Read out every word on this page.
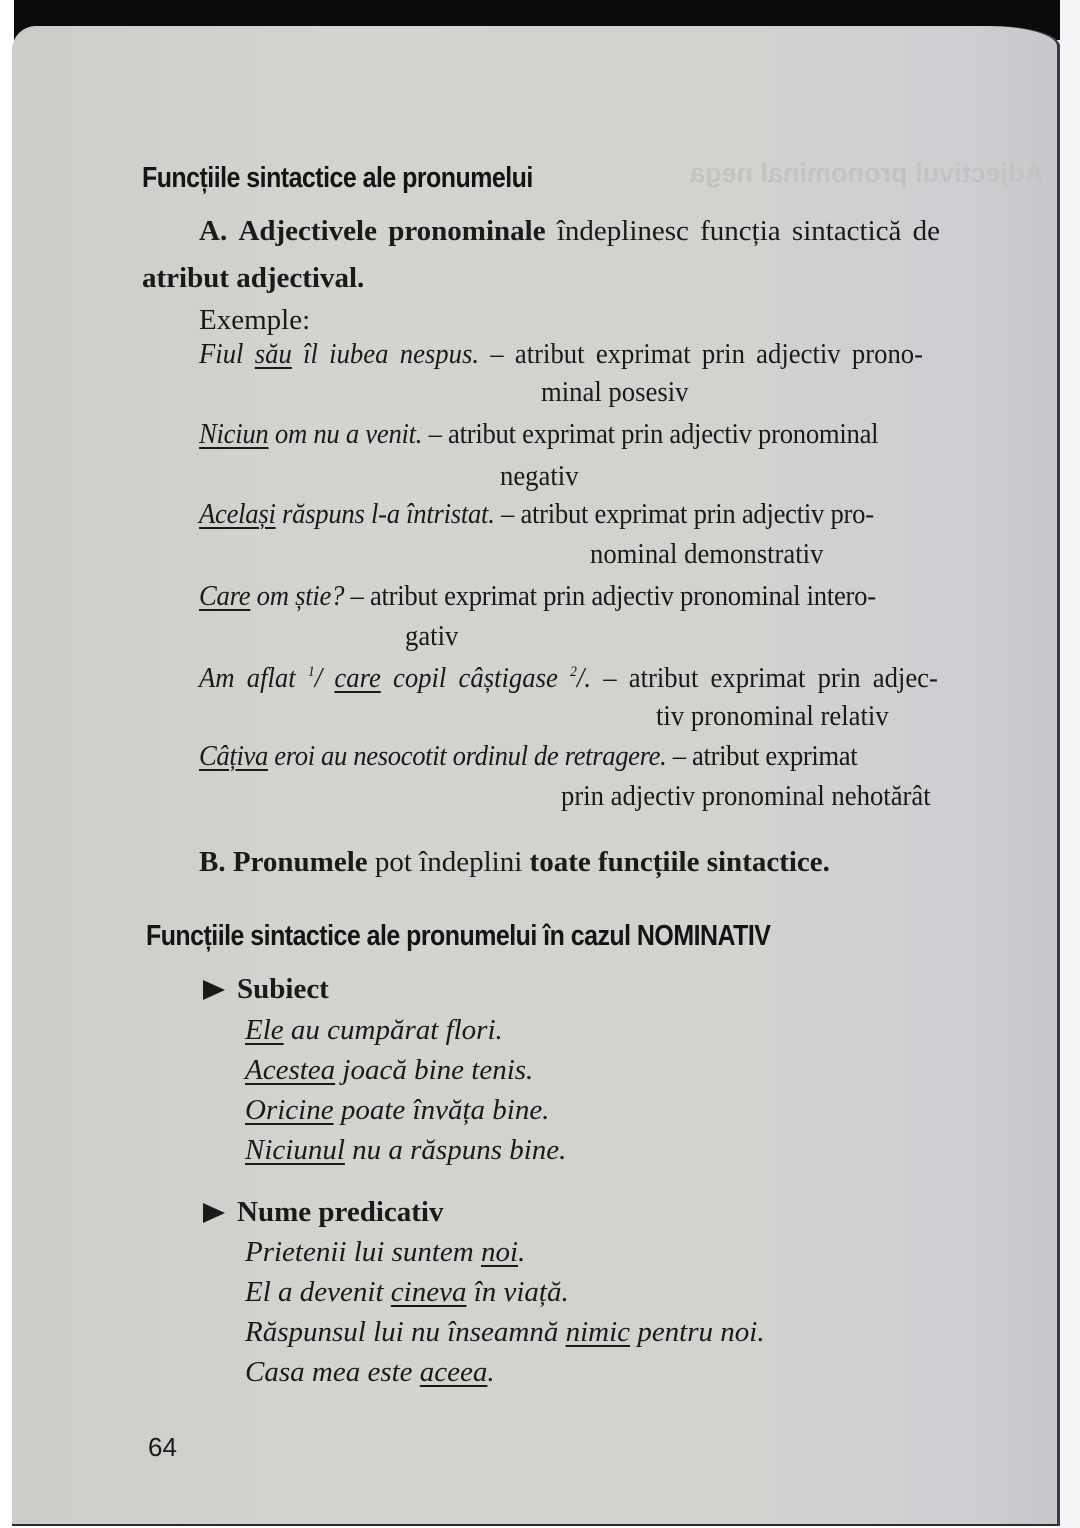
Adjectivul pronominal nega
Funcțiile sintactice ale pronumelui
A. Adjectivele pronominale îndeplinesc funcția sintactică de
atribut adjectival.
Exemple:
Fiul său îl iubea nespus. – atribut exprimat prin adjectiv prono-
minal posesiv
Niciun om nu a venit. – atribut exprimat prin adjectiv pronominal
negativ
Același răspuns l-a întristat. – atribut exprimat prin adjectiv pro-
nominal demonstrativ
Care om știe? – atribut exprimat prin adjectiv pronominal intero-
gativ
Am aflat $^1$/ care copil câștigase $^2$/. – atribut exprimat prin adjec-
tiv pronominal relativ
Câțiva eroi au nesocotit ordinul de retragere. – atribut exprimat
prin adjectiv pronominal nehotărât
B. Pronumele pot îndeplini toate funcțiile sintactice.
Funcțiile sintactice ale pronumelui în cazul NOMINATIV
Subiect
Ele au cumpărat flori.
Acestea joacă bine tenis.
Oricine poate învăța bine.
Niciunul nu a răspuns bine.
Nume predicativ
Prietenii lui suntem noi.
El a devenit cineva în viață.
Răspunsul lui nu înseamnă nimic pentru noi.
Casa mea este aceea.
64
